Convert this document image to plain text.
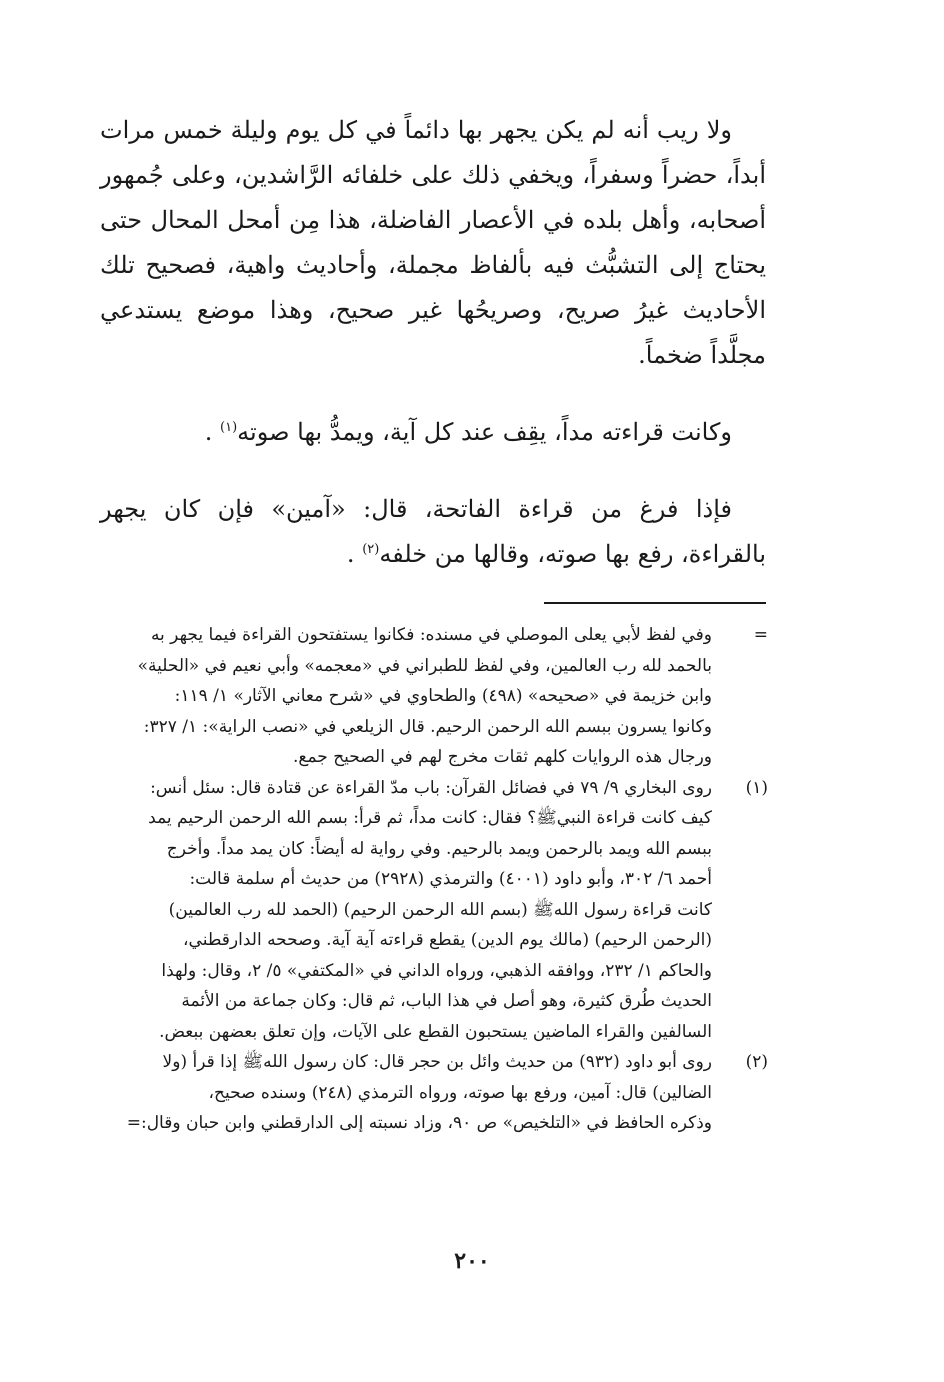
ولا ريب أنه لم يكن يجهر بها دائماً في كل يوم وليلة خمس مرات أبداً، حضراً وسفراً، ويخفي ذلك على خلفائه الرَّاشدين، وعلى جُمهور أصحابه، وأهل بلده في الأعصار الفاضلة، هذا مِن أمحل المحال حتى يحتاج إلى التشبُّث فيه بألفاظ مجملة، وأحاديث واهية، فصحيح تلك الأحاديث غيرُ صريح، وصريحُها غير صحيح، وهذا موضع يستدعي مجلَّداً ضخماً.

وكانت قراءته مداً، يقِف عند كل آية، ويمدُّ بها صوته$^{(١)}$ .

فإذا فرغ من قراءة الفاتحة، قال: «آمين» فإن كان يجهر بالقراءة، رفع بها صوته، وقالها من خلفه$^{(٢)}$ .

=
وفي لفظ لأبي يعلى الموصلي في مسنده: فكانوا يستفتحون القراءة فيما يجهر به
بالحمد لله رب العالمين، وفي لفظ للطبراني في «معجمه» وأبي نعيم في «الحلية»
وابن خزيمة في «صحيحه» (٤٩٨) والطحاوي في «شرح معاني الآثار» ١/ ١١٩:
وكانوا يسرون ببسم الله الرحمن الرحيم. قال الزيلعي في «نصب الراية»: ١/ ٣٢٧:
ورجال هذه الروايات كلهم ثقات مخرج لهم في الصحيح جمع.
(١)
روى البخاري ٩/ ٧٩ في فضائل القرآن: باب مدّ القراءة عن قتادة قال: سئل أنس:
كيف كانت قراءة النبيﷺ؟ فقال: كانت مداً، ثم قرأ: بسم الله الرحمن الرحيم يمد
ببسم الله ويمد بالرحمن ويمد بالرحيم. وفي رواية له أيضاً: كان يمد مداً. وأخرج
أحمد ٦/ ٣٠٢، وأبو داود (٤٠٠١) والترمذي (٢٩٢٨) من حديث أم سلمة قالت:
كانت قراءة رسول اللهﷺ (بسم الله الرحمن الرحيم) (الحمد لله رب العالمين)
(الرحمن الرحيم) (مالك يوم الدين) يقطع قراءته آية آية. وصححه الدارقطني،
والحاكم ١/ ٢٣٢، ووافقه الذهبي، ورواه الداني في «المكتفي» ٥/ ٢، وقال: ولهذا
الحديث طُرق كثيرة، وهو أصل في هذا الباب، ثم قال: وكان جماعة من الأئمة
السالفين والقراء الماضين يستحبون القطع على الآيات، وإن تعلق بعضهن ببعض.
(٢)
روى أبو داود (٩٣٢) من حديث وائل بن حجر قال: كان رسول اللهﷺ إذا قرأ (ولا
الضالين) قال: آمين، ورفع بها صوته، ورواه الترمذي (٢٤٨) وسنده صحيح،
وذكره الحافظ في «التلخيص» ص ٩٠، وزاد نسبته إلى الدارقطني وابن حبان وقال:=
٢٠٠
